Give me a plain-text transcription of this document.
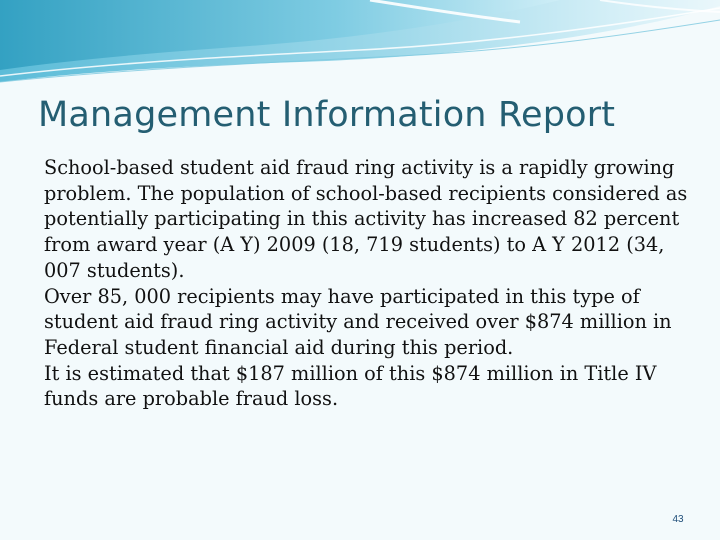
Management Information Report

School-based student aid fraud ring activity is a rapidly growing problem. The population of school-based recipients considered as potentially participating in this activity has increased 82 percent from award year (A Y) 2009 (18, 719 students) to A Y 2012 (34, 007 students).

Over 85, 000 recipients may have participated in this type of student aid fraud ring activity and received over $874 million in Federal student financial aid during this period.

It is estimated that $187 million of this $874 million in Title IV funds are probable fraud loss.

43
